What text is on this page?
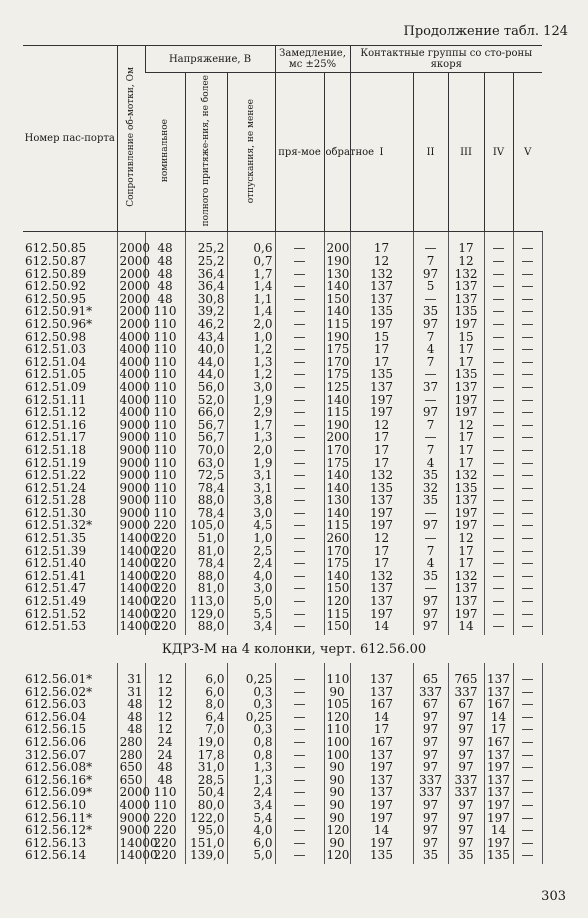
Продолжение табл. 124
Номер пас-порта	Сопротивление об-мотки, Ом	Напряжение, В			Замедление, мс ±25%		Контактные группы со сто-роны якоря					
		номинальное	полного притяже-ния, не более	отпускания, не менее	пря-мое	обратное	I	II	III	IV	V	
612.50.85	2000	48	25,2	0,6	—	200	17	—	17	—	—	
612.50.87	2000	48	25,2	0,7	—	190	12	7	12	—	—	
612.50.89	2000	48	36,4	1,7	—	130	132	97	132	—	—	
612.50.92	2000	48	36,4	1,4	—	140	137	5	137	—	—	
612.50.95	2000	48	30,8	1,1	—	150	137	—	137	—	—	
612.50.91*	2000	110	39,2	1,4	—	140	135	35	135	—	—	
612.50.96*	2000	110	46,2	2,0	—	115	197	97	197	—	—	
612.50.98	4000	110	43,4	1,0	—	190	15	7	15	—	—	
612.51.03	4000	110	40,0	1,2	—	175	17	4	17	—	—	
612.51.04	4000	110	44,0	1,3	—	170	17	7	17	—	—	
612.51.05	4000	110	44,0	1,2	—	175	135	—	135	—	—	
612.51.09	4000	110	56,0	3,0	—	125	137	37	137	—	—	
612.51.11	4000	110	52,0	1,9	—	140	197	—	197	—	—	
612.51.12	4000	110	66,0	2,9	—	115	197	97	197	—	—	
612.51.16	9000	110	56,7	1,7	—	190	12	7	12	—	—	
612.51.17	9000	110	56,7	1,3	—	200	17	—	17	—	—	
612.51.18	9000	110	70,0	2,0	—	170	17	7	17	—	—	
612.51.19	9000	110	63,0	1,9	—	175	17	4	17	—	—	
612.51.22	9000	110	72,5	3,1	—	140	132	35	132	—	—	
612.51.24	9000	110	78,4	3,1	—	140	135	32	135	—	—	
612.51.28	9000	110	88,0	3,8	—	130	137	35	137	—	—	
612.51.30	9000	110	78,4	3,0	—	140	197	—	197	—	—	
612.51.32*	9000	220	105,0	4,5	—	115	197	97	197	—	—	
612.51.35	14000	220	51,0	1,0	—	260	12	—	12	—	—	
612.51.39	14000	220	81,0	2,5	—	170	17	7	17	—	—	
612.51.40	14000	220	78,4	2,4	—	175	17	4	17	—	—	
612.51.41	14000	220	88,0	4,0	—	140	132	35	132	—	—	
612.51.47	14000	220	81,0	3,0	—	150	137	—	137	—	—	
612.51.49	14000	220	113,0	5,0	—	120	137	97	137	—	—	
612.51.52	14000	220	129,0	5,5	—	115	197	97	197	—	—	
612.51.53	14000	220	88,0	3,4	—	150	14	97	14	—	—	
КДРЗ-М на 4 колонки, черт. 612.56.00
612.56.01*	31	12	6,0	0,25	—	110	137	65	765	137	—	
612.56.02*	31	12	6,0	0,3	—	90	137	337	337	137	—	
612.56.03	48	12	8,0	0,3	—	105	167	67	67	167	—	
612.56.04	48	12	6,4	0,25	—	120	14	97	97	14	—	
612.56.15	48	12	7,0	0,3	—	110	17	97	97	17	—	
612.56.06	280	24	19,0	0,8	—	100	167	97	97	167	—	
312.56.07	280	24	17,8	0,8	—	100	137	97	97	137	—	
612.56.08*	650	48	31,0	1,3	—	90	197	97	97	197	—	
612.56.16*	650	48	28,5	1,3	—	90	137	337	337	137	—	
612.56.09*	2000	110	50,4	2,4	—	90	137	337	337	137	—	
612.56.10	4000	110	80,0	3,4	—	90	197	97	97	197	—	
612.56.11*	9000	220	122,0	5,4	—	90	197	97	97	197	—	
612.56.12*	9000	220	95,0	4,0	—	120	14	97	97	14	—	
612.56.13	14000	220	151,0	6,0	—	90	197	97	97	197	—	
612.56.14	14000	220	139,0	5,0	—	120	135	35	35	135	—	
303
